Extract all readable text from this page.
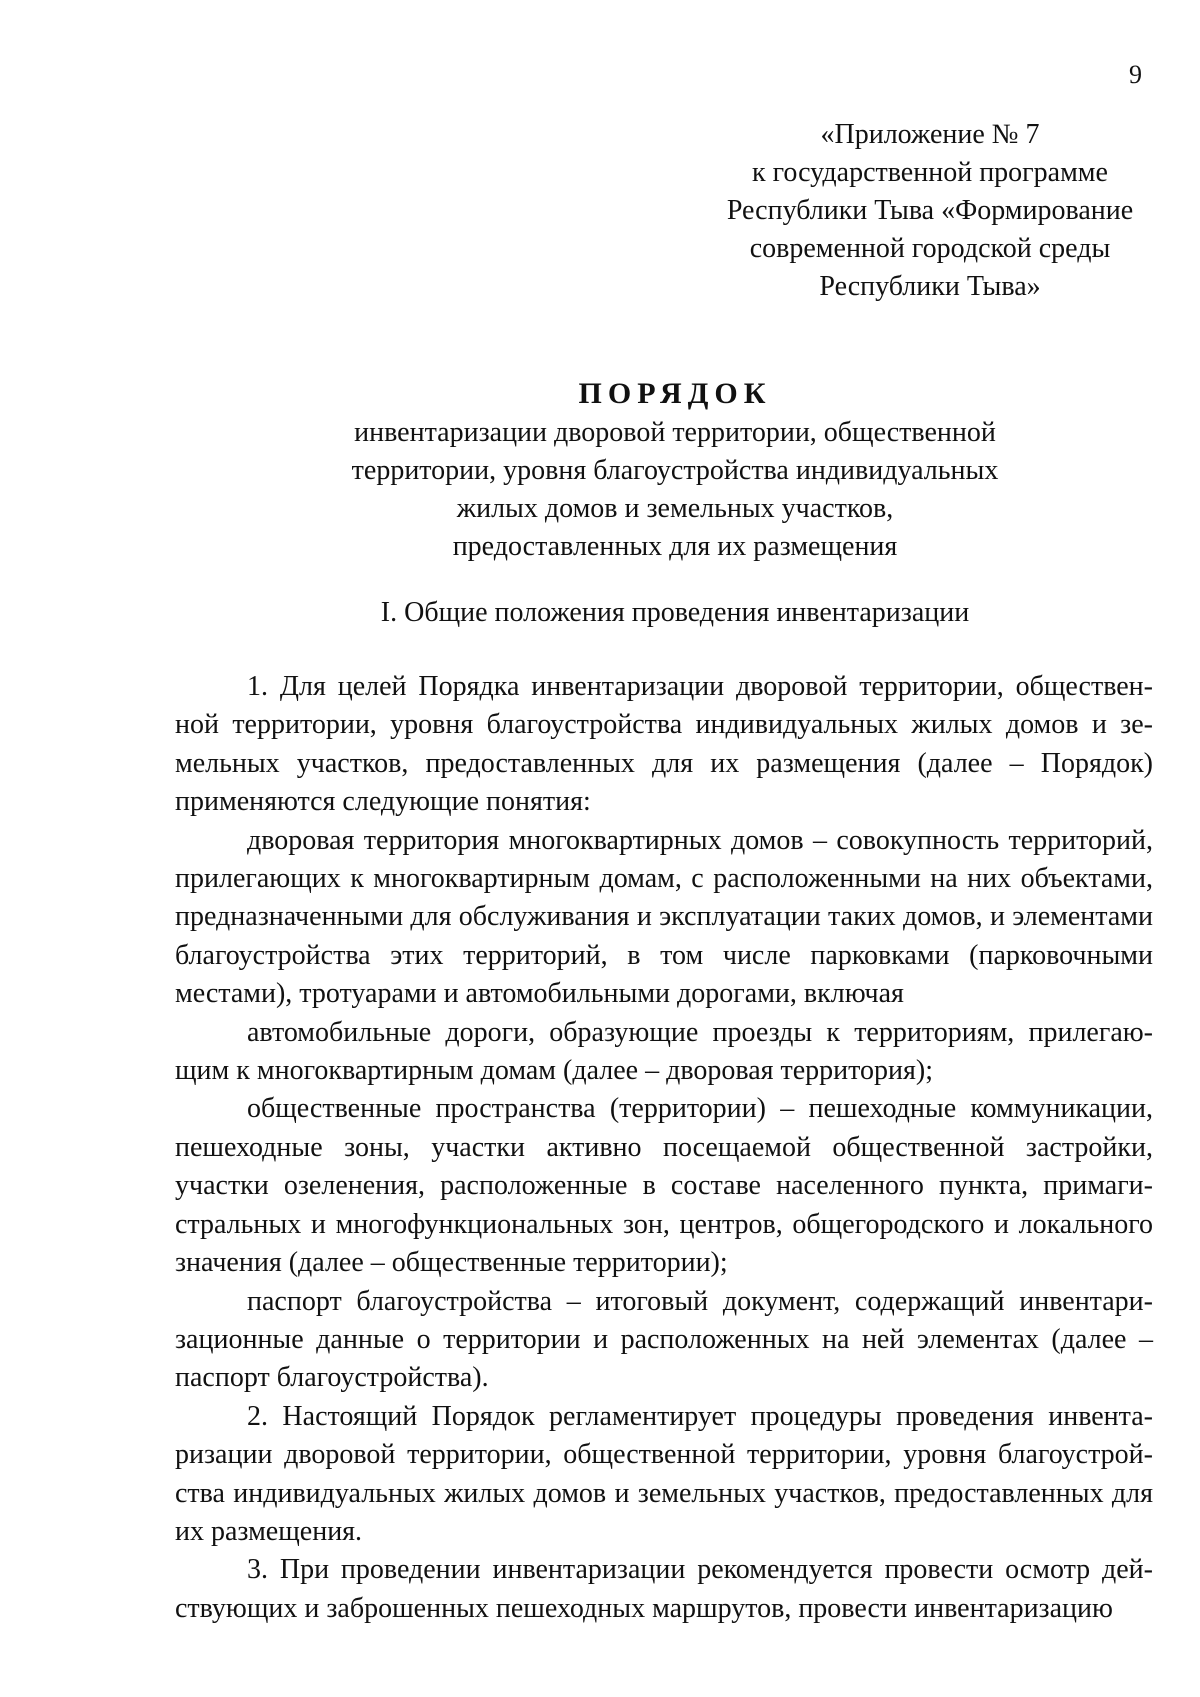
9
«Приложение № 7
к государственной программе
Республики Тыва «Формирование
современной городской среды
Республики Тыва»
ПОРЯДОК
инвентаризации дворовой территории, общественной
территории, уровня благоустройства индивидуальных
жилых домов и земельных участков,
предоставленных для их размещения
I. Общие положения проведения инвентаризации

1. Для целей Порядка инвентаризации дворовой территории, общественной территории, уровня благоустройства индивидуальных жилых домов и земельных участков, предоставленных для их размещения (далее – Порядок) применяются следующие понятия:

дворовая территория многоквартирных домов – совокупность территорий, прилегающих к многоквартирным домам, с расположенными на них объектами, предназначенными для обслуживания и эксплуатации таких домов, и элементами благоустройства этих территорий, в том числе парковками (парковочными местами), тротуарами и автомобильными дорогами, включая

автомобильные дороги, образующие проезды к территориям, прилегающим к многоквартирным домам (далее – дворовая территория);

общественные пространства (территории) – пешеходные коммуникации, пешеходные зоны, участки активно посещаемой общественной застройки, участки озеленения, расположенные в составе населенного пункта, примагистральных и многофункциональных зон, центров, общегородского и локального значения (далее – общественные территории);

паспорт благоустройства – итоговый документ, содержащий инвентаризационные данные о территории и расположенных на ней элементах (далее – паспорт благоустройства).

2. Настоящий Порядок регламентирует процедуры проведения инвентаризации дворовой территории, общественной территории, уровня благоустройства индивидуальных жилых домов и земельных участков, предоставленных для их размещения.

3. При проведении инвентаризации рекомендуется провести осмотр действующих и заброшенных пешеходных маршрутов, провести инвентаризацию
